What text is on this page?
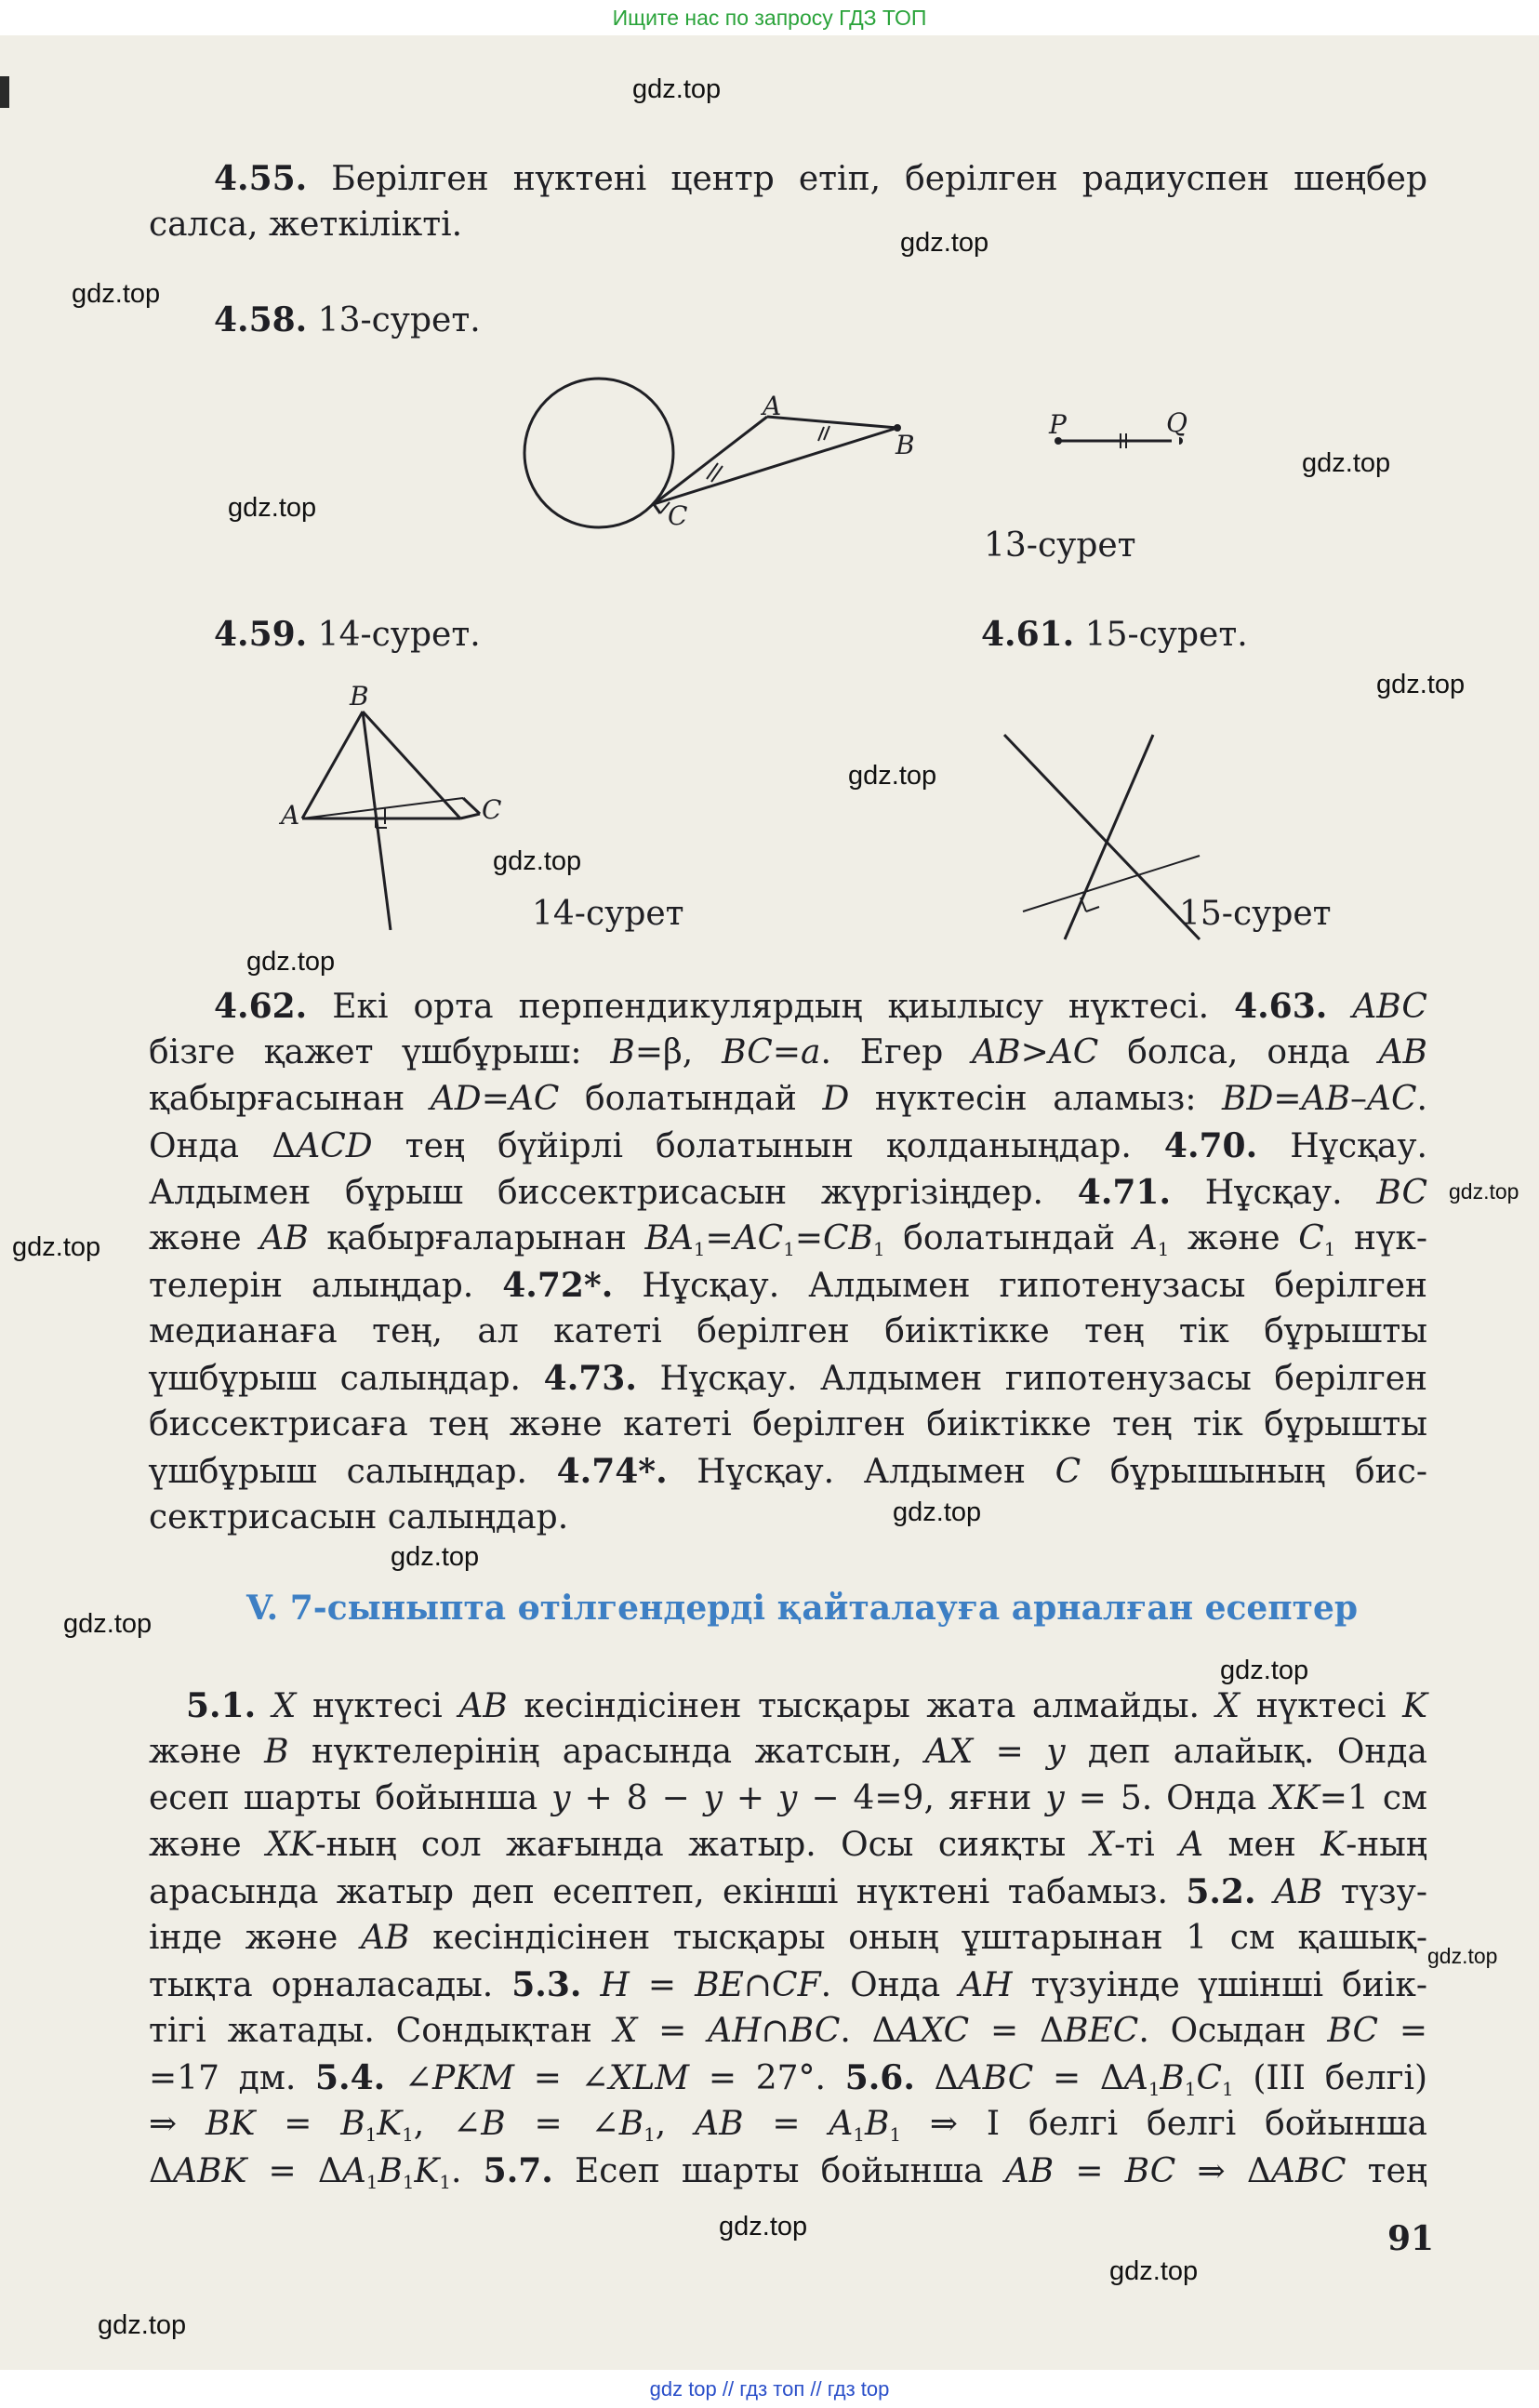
Ищите нас по запросу ГДЗ ТОП
gdz.top
gdz.top
gdz.top
gdz.top
gdz.top
gdz.top
gdz.top
gdz.top
gdz.top
gdz.top
gdz.top
gdz.top
gdz.top
gdz.top
gdz.top
gdz.top
gdz.top
gdz.top
gdz.top
4.55. Берілген нүктені центр етіп, берілген радиуспен шеңбер
салса, жеткілікті.
4.58. 13-сурет.
A
B
C
P	Q
13-сурет
4.59. 14-сурет.	4.61. 15-сурет.
B
A	C
14-сурет	15-сурет
4.62. Екі орта перпендикулярдың қиылысу нүктесі. 4.63. ABC
бізге қажет үшбұрыш: B=β, BC=a. Егер AB>AC болса, онда AB
қабырғасынан AD=AC болатындай D нүктесін аламыз: BD=AB–AC.
Онда ΔACD тең бүйірлі болатынын қолданыңдар. 4.70. Нұсқау.
Алдымен бұрыш биссектрисасын жүргізіңдер. 4.71. Нұсқау. BC
және AB қабырғаларынан $BA_1=AC_1=CB_1$ болатындай $A_1$ және $C_1$ нүк-
телерін алыңдар. 4.72*. Нұсқау. Алдымен гипотенузасы берілген
медианаға тең, ал катеті берілген биіктікке тең тік бұрышты
үшбұрыш салыңдар. 4.73. Нұсқау. Алдымен гипотенузасы берілген
биссектрисаға тең және катеті берілген биіктікке тең тік бұрышты
үшбұрыш салыңдар. 4.74*. Нұсқау. Алдымен C бұрышының бис-
сектрисасын салыңдар.
V. 7-сыныпта өтілгендерді қайталауға арналған есептер
5.1. X нүктесі AB кесіндісінен тысқары жата алмайды. X нүктесі K
және B нүктелерінің арасында жатсын, AX = y деп алайық. Онда
есеп шарты бойынша y + 8 − y + y − 4=9, яғни y = 5. Онда XK=1 см
және XK-ның сол жағында жатыр. Осы сияқты X-ті A мен K-ның
арасында жатыр деп есептеп, екінші нүктені табамыз. 5.2. AB түзу-
інде және AB кесіндісінен тысқары оның ұштарынан 1 см қашық-
тықта орналасады. 5.3. H = BE∩CF. Онда AH түзуінде үшінші биік-
тігі жатады. Сондықтан X = AH∩BC. ΔAXC = ΔBEC. Осыдан BC =
=17 дм. 5.4. ∠PKM = ∠XLM = 27°. 5.6. $\Delta ABC = \Delta A_1B_1C_1$ (III белгі)
⇒ BK = $B_1K_1$, ∠B = $\angle B_1$, AB = $A_1B_1$ ⇒ I белгі белгі бойынша
$\Delta ABK = \Delta A_1B_1K_1$. 5.7. Есеп шарты бойынша AB = BC ⇒ ΔABC тең
91
gdz top // гдз топ // гдз top
